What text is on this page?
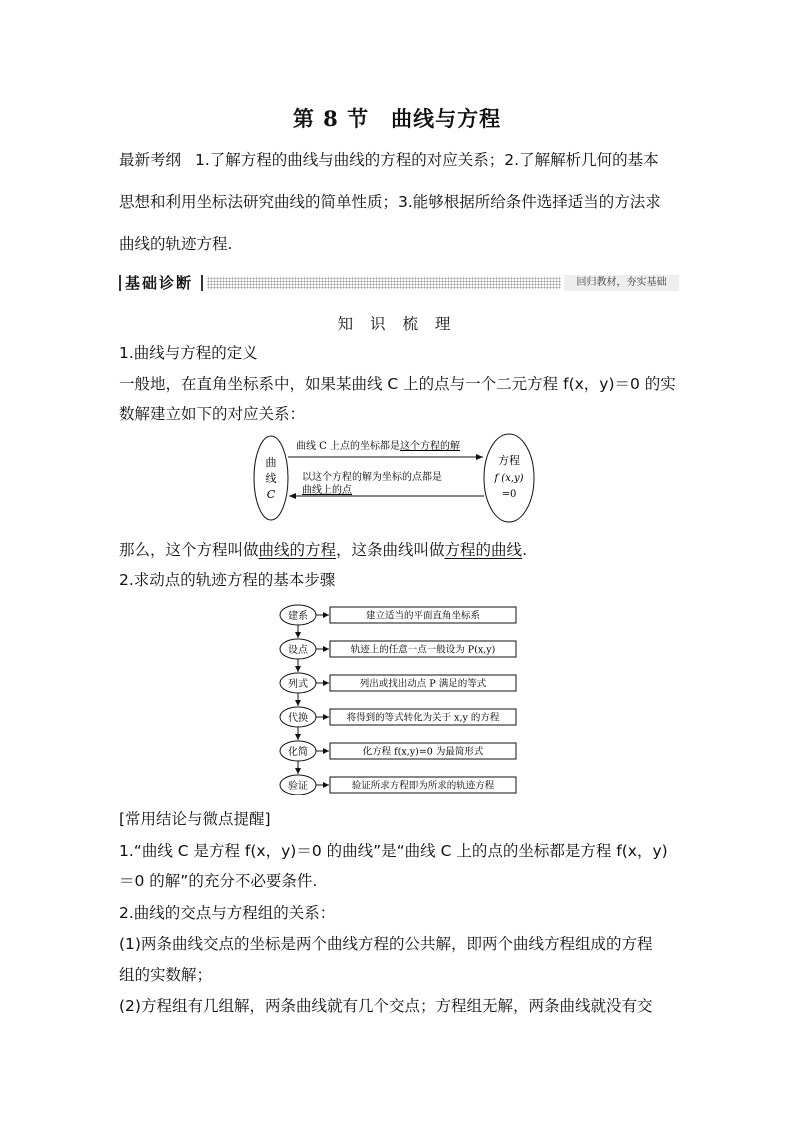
第 8 节　曲线与方程
最新考纲 1.了解方程的曲线与曲线的方程的对应关系；2.了解解析几何的基本
思想和利用坐标法研究曲线的简单性质；3.能够根据所给条件选择适当的方法求
曲线的轨迹方程.
基础诊断	回归教材，夯实基础
知 识 梳 理
1.曲线与方程的定义
一般地，在直角坐标系中，如果某曲线 C 上的点与一个二元方程 f(x，y)＝0 的实
数解建立如下的对应关系：
曲
线
C
方程
f (x,y)
=0
曲线 C 上点的坐标都是这个方程的解
以这个方程的解为坐标的点都是
曲线上的点
那么，这个方程叫做曲线的方程，这条曲线叫做方程的曲线.
2.求动点的轨迹方程的基本步骤
建系	建立适当的平面直角坐标系
设点	轨迹上的任意一点一般设为 P(x,y)
列式	列出或找出动点 P 满足的等式
代换	将得到的等式转化为关于 x,y 的方程
化简	化方程 f(x,y)=0 为最简形式
验证	验证所求方程即为所求的轨迹方程
[常用结论与微点提醒]
1.“曲线 C 是方程 f(x，y)＝0 的曲线”是“曲线 C 上的点的坐标都是方程 f(x，y)
＝0 的解”的充分不必要条件.
2.曲线的交点与方程组的关系：
(1)两条曲线交点的坐标是两个曲线方程的公共解，即两个曲线方程组成的方程
组的实数解；
(2)方程组有几组解，两条曲线就有几个交点；方程组无解，两条曲线就没有交
